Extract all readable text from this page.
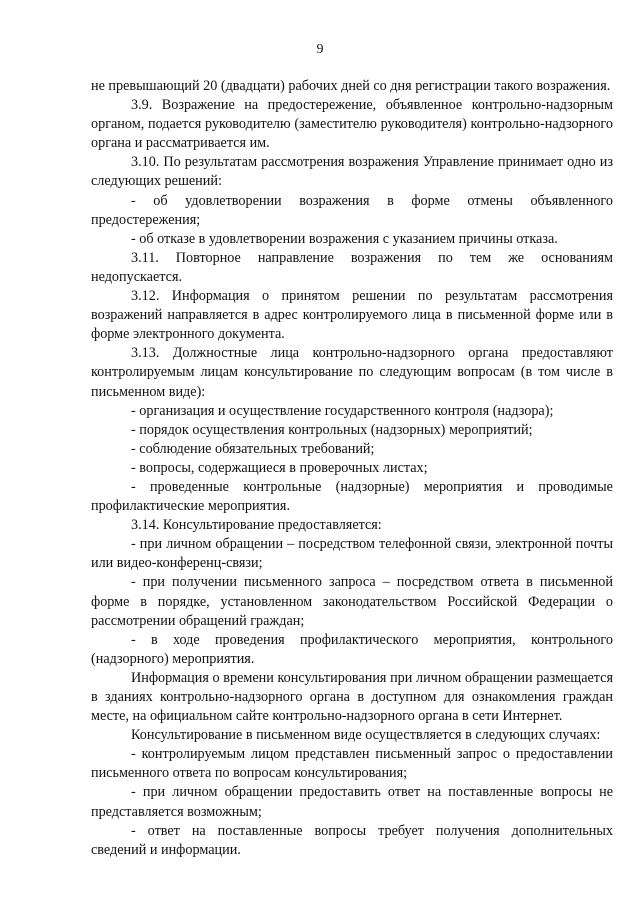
9

не превышающий 20 (двадцати) рабочих дней со дня регистрации такого возражения.

3.9. Возражение на предостережение, объявленное контрольно-надзорным органом, подается руководителю (заместителю руководителя) контрольно-надзорного органа и рассматривается им.

3.10. По результатам рассмотрения возражения Управление принимает одно из следующих решений:

- об удовлетворении возражения в форме отмены объявленного предостережения;

- об отказе в удовлетворении возражения с указанием причины отказа.

3.11. Повторное направление возражения по тем же основаниям недопускается.

3.12. Информация о принятом решении по результатам рассмотрения возражений направляется в адрес контролируемого лица в письменной форме или в форме электронного документа.

3.13. Должностные лица контрольно-надзорного органа предоставляют контролируемым лицам консультирование по следующим вопросам (в том числе в письменном виде):

- организация и осуществление государственного контроля (надзора);

- порядок осуществления контрольных (надзорных) мероприятий;

- соблюдение обязательных требований;

- вопросы, содержащиеся в проверочных листах;

- проведенные контрольные (надзорные) мероприятия и проводимые профилактические мероприятия.

3.14. Консультирование предоставляется:

- при личном обращении – посредством телефонной связи, электронной почты или видео-конференц-связи;

- при получении письменного запроса – посредством ответа в письменной форме в порядке, установленном законодательством Российской Федерации о рассмотрении обращений граждан;

- в ходе проведения профилактического мероприятия, контрольного (надзорного) мероприятия.

Информация о времени консультирования при личном обращении размещается в зданиях контрольно-надзорного органа в доступном для ознакомления граждан месте, на официальном сайте контрольно-надзорного органа в сети Интернет.

Консультирование в письменном виде осуществляется в следующих случаях:

- контролируемым лицом представлен письменный запрос о предоставлении письменного ответа по вопросам консультирования;

- при личном обращении предоставить ответ на поставленные вопросы не представляется возможным;

- ответ на поставленные вопросы требует получения дополнительных сведений и информации.
